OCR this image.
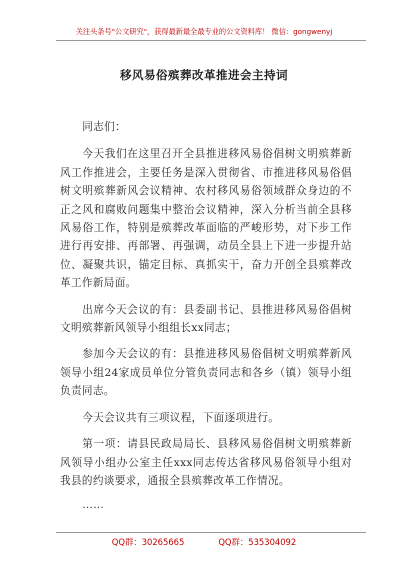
关注头条号"公文研究"，获得最新最全最专业的公文资料库！ 微信：gongwenyj
移风易俗殡葬改革推进会主持词

同志们：

今天我们在这里召开全县推进移风易俗倡树文明殡葬新风工作推进会，主要任务是深入贯彻省、市推进移风易俗倡树文明殡葬新风会议精神、农村移风易俗领域群众身边的不正之风和腐败问题集中整治会议精神，深入分析当前全县移风易俗工作，特别是殡葬改革面临的严峻形势，对下步工作进行再安排、再部署、再强调，动员全县上下进一步提升站位、凝聚共识，锚定目标、真抓实干，奋力开创全县殡葬改革工作新局面。

出席今天会议的有：县委副书记、县推进移风易俗倡树文明殡葬新风领导小组组长xx同志；

参加今天会议的有：县推进移风易俗倡树文明殡葬新风领导小组24家成员单位分管负责同志和各乡（镇）领导小组负责同志。

今天会议共有三项议程，下面逐项进行。

第一项：请县民政局局长、县移风易俗倡树文明殡葬新风领导小组办公室主任xxx同志传达省移风易俗领导小组对我县的约谈要求，通报全县殡葬改革工作情况。

……

QQ群：30265665	QQ群：535304092
